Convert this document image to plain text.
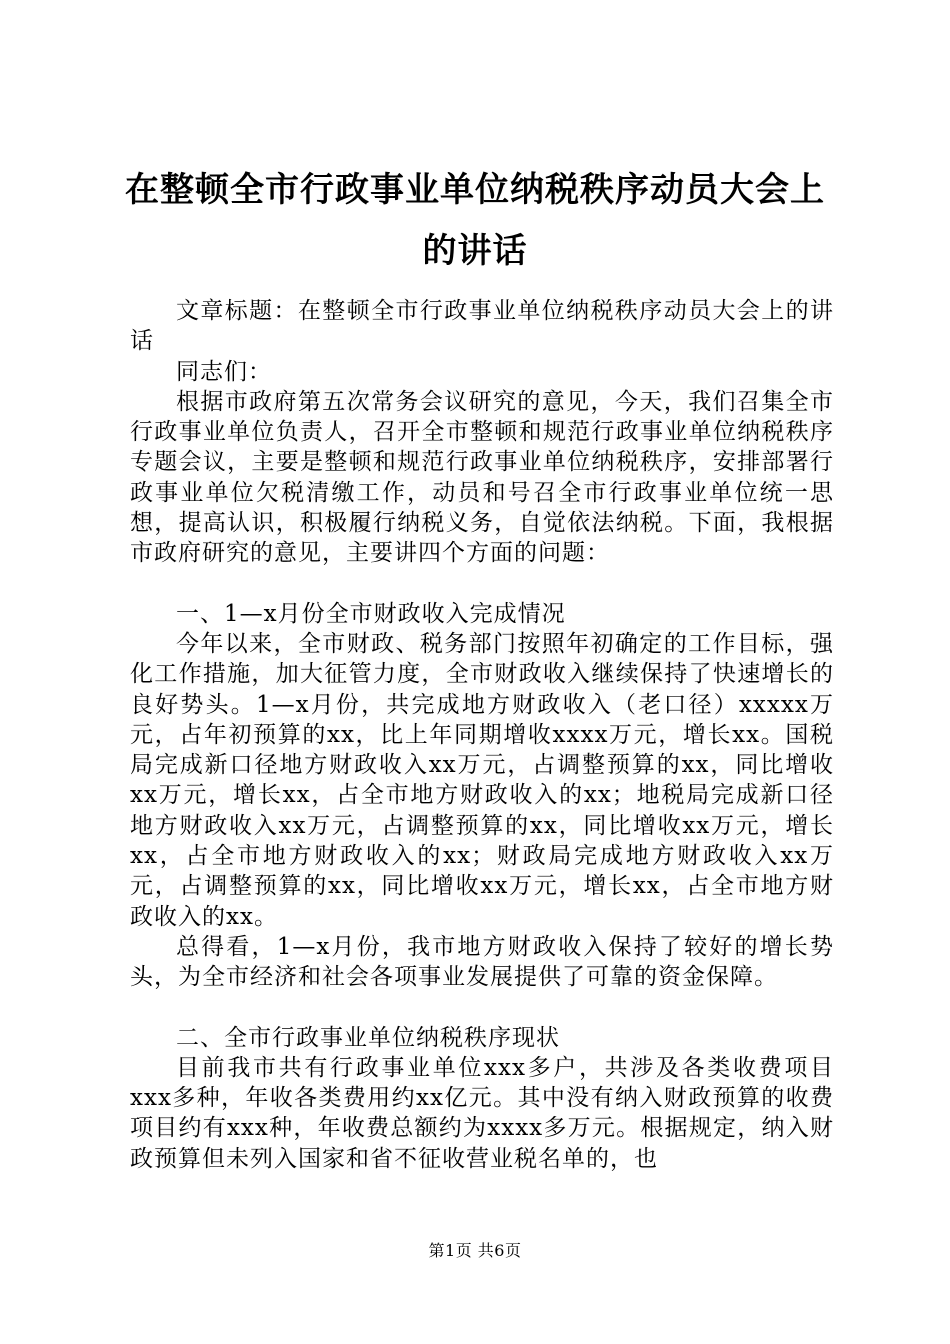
在整顿全市行政事业单位纳税秩序动员大会上的讲话

文章标题：在整顿全市行政事业单位纳税秩序动员大会上的讲话

同志们：

根据市政府第五次常务会议研究的意见，今天，我们召集全市行政事业单位负责人，召开全市整顿和规范行政事业单位纳税秩序专题会议，主要是整顿和规范行政事业单位纳税秩序，安排部署行政事业单位欠税清缴工作，动员和号召全市行政事业单位统一思想，提高认识，积极履行纳税义务，自觉依法纳税。下面，我根据市政府研究的意见，主要讲四个方面的问题：

一、1—x月份全市财政收入完成情况

今年以来，全市财政、税务部门按照年初确定的工作目标，强化工作措施，加大征管力度，全市财政收入继续保持了快速增长的良好势头。1—x月份，共完成地方财政收入（老口径）xxxxx万元，占年初预算的xx，比上年同期增收xxxx万元，增长xx。国税局完成新口径地方财政收入xx万元，占调整预算的xx，同比增收xx万元，增长xx，占全市地方财政收入的xx；地税局完成新口径地方财政收入xx万元，占调整预算的xx，同比增收xx万元，增长xx，占全市地方财政收入的xx；财政局完成地方财政收入xx万元，占调整预算的xx，同比增收xx万元，增长xx，占全市地方财政收入的xx。

总得看，1—x月份，我市地方财政收入保持了较好的增长势头，为全市经济和社会各项事业发展提供了可靠的资金保障。

二、全市行政事业单位纳税秩序现状

目前我市共有行政事业单位xxx多户，共涉及各类收费项目xxx多种，年收各类费用约xx亿元。其中没有纳入财政预算的收费项目约有xxx种，年收费总额约为xxxx多万元。根据规定，纳入财政预算但未列入国家和省不征收营业税名单的，也

第1页 共6页
